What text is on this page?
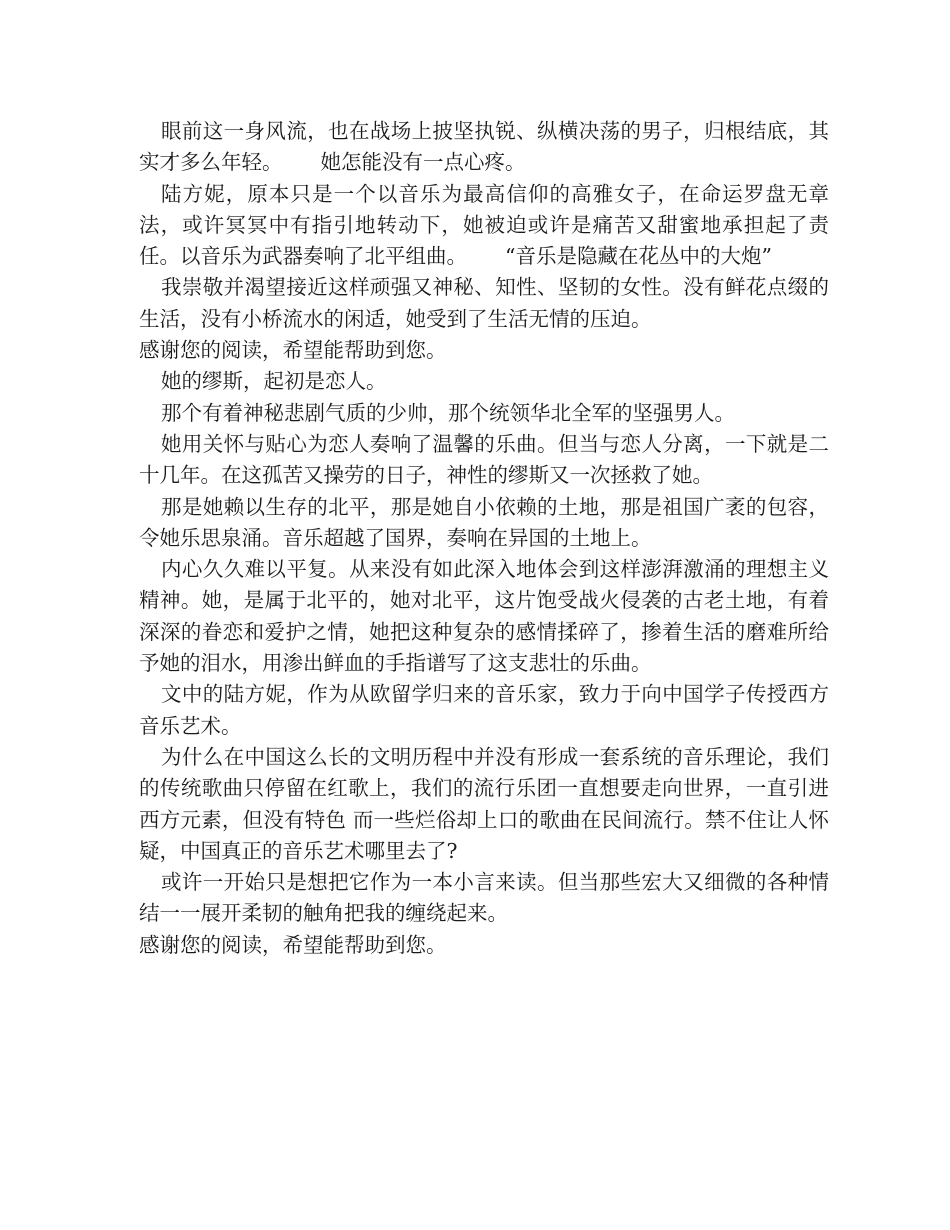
眼前这一身风流，也在战场上披坚执锐、纵横决荡的男子，归根结底，其实才多么年轻。 她怎能没有一点心疼。

陆方妮，原本只是一个以音乐为最高信仰的高雅女子，在命运罗盘无章法，或许冥冥中有指引地转动下，她被迫或许是痛苦又甜蜜地承担起了责任。以音乐为武器奏响了北平组曲。 “音乐是隐藏在花丛中的大炮”

我崇敬并渴望接近这样顽强又神秘、知性、坚韧的女性。没有鲜花点缀的生活，没有小桥流水的闲适，她受到了生活无情的压迫。

感谢您的阅读，希望能帮助到您。

她的缪斯，起初是恋人。

那个有着神秘悲剧气质的少帅，那个统领华北全军的坚强男人。

她用关怀与贴心为恋人奏响了温馨的乐曲。但当与恋人分离，一下就是二十几年。在这孤苦又操劳的日子，神性的缪斯又一次拯救了她。

那是她赖以生存的北平，那是她自小依赖的土地，那是祖国广袤的包容，令她乐思泉涌。音乐超越了国界，奏响在异国的土地上。

内心久久难以平复。从来没有如此深入地体会到这样澎湃激涌的理想主义精神。她，是属于北平的，她对北平，这片饱受战火侵袭的古老土地，有着深深的眷恋和爱护之情，她把这种复杂的感情揉碎了，掺着生活的磨难所给予她的泪水，用渗出鲜血的手指谱写了这支悲壮的乐曲。

文中的陆方妮，作为从欧留学归来的音乐家，致力于向中国学子传授西方音乐艺术。

为什么在中国这么长的文明历程中并没有形成一套系统的音乐理论，我们的传统歌曲只停留在红歌上，我们的流行乐团一直想要走向世界，一直引进西方元素，但没有特色 而一些烂俗却上口的歌曲在民间流行。禁不住让人怀疑，中国真正的音乐艺术哪里去了?

或许一开始只是想把它作为一本小言来读。但当那些宏大又细微的各种情结一一展开柔韧的触角把我的缠绕起来。

感谢您的阅读，希望能帮助到您。
